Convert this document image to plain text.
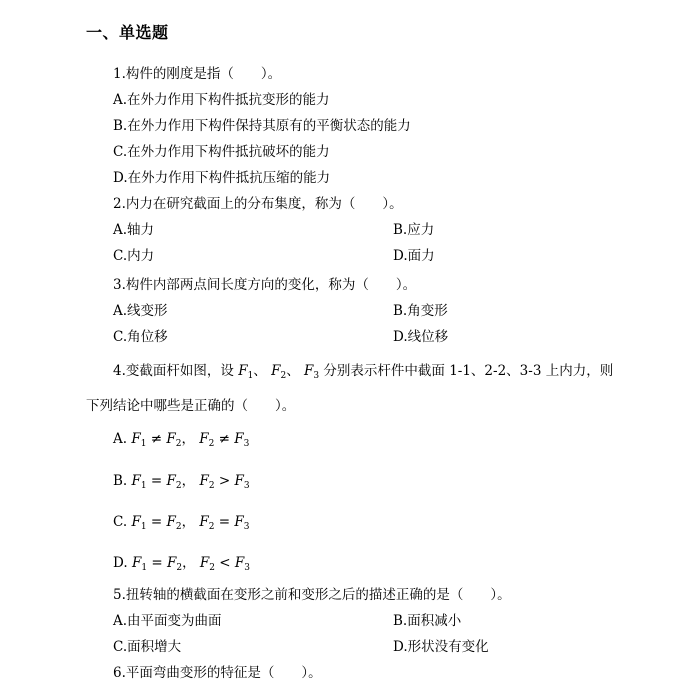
一、单选题
1.构件的刚度是指（　　）。
A.在外力作用下构件抵抗变形的能力
B.在外力作用下构件保持其原有的平衡状态的能力
C.在外力作用下构件抵抗破坏的能力
D.在外力作用下构件抵抗压缩的能力
2.内力在研究截面上的分布集度，称为（　　）。
A.轴力	B.应力
C.内力	D.面力
3.构件内部两点间长度方向的变化，称为（　　）。
A.线变形	B.角变形
C.角位移	D.线位移
4.变截面杆如图，设 $F_1$、 $F_2$、 $F_3$ 分别表示杆件中截面 1-1、2-2、3-3 上内力，则
下列结论中哪些是正确的（　　）。
A. $F_1 \ne F_2$， $F_2 \ne F_3$
B. $F_1 = F_2$， $F_2 > F_3$
C. $F_1 = F_2$， $F_2 = F_3$
D. $F_1 = F_2$， $F_2 < F_3$
5.扭转轴的横截面在变形之前和变形之后的描述正确的是（　　）。
A.由平面变为曲面	B.面积减小
C.面积增大	D.形状没有变化
6.平面弯曲变形的特征是（　　）。
